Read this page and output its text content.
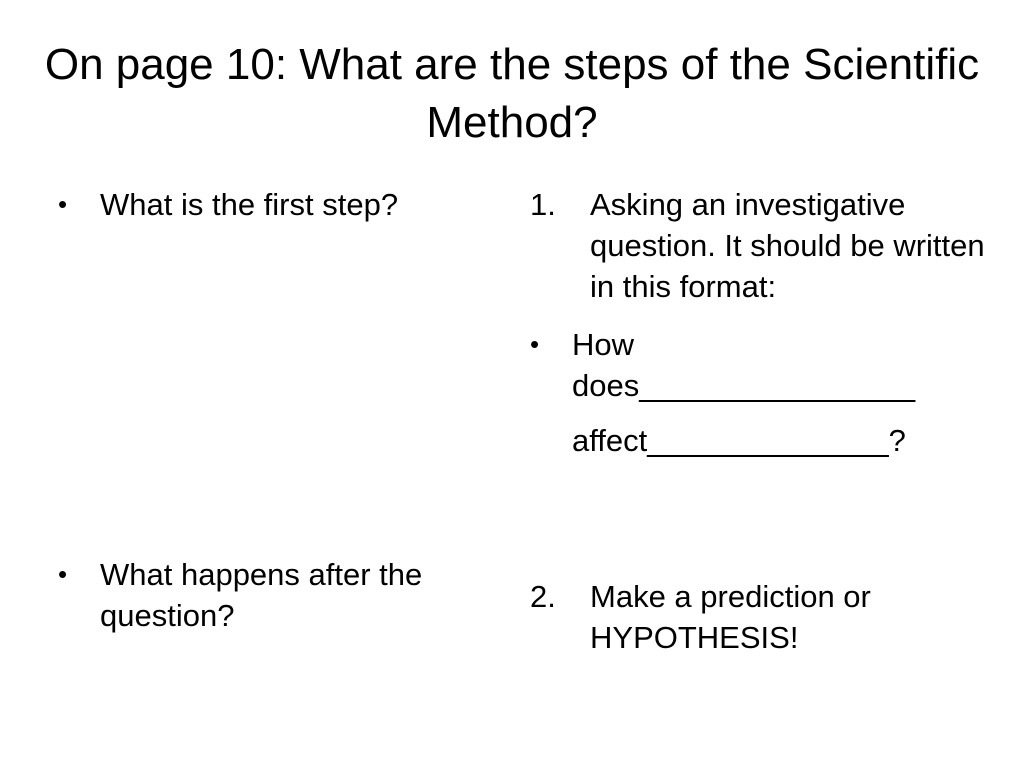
On page 10: What are the steps of the Scientific Method?
•	What is the first step?
•	What happens after the question?
1.	Asking an investigative question. It should be written in this format:
•	How does________________
affect______________?
2.	Make a prediction or HYPOTHESIS!
